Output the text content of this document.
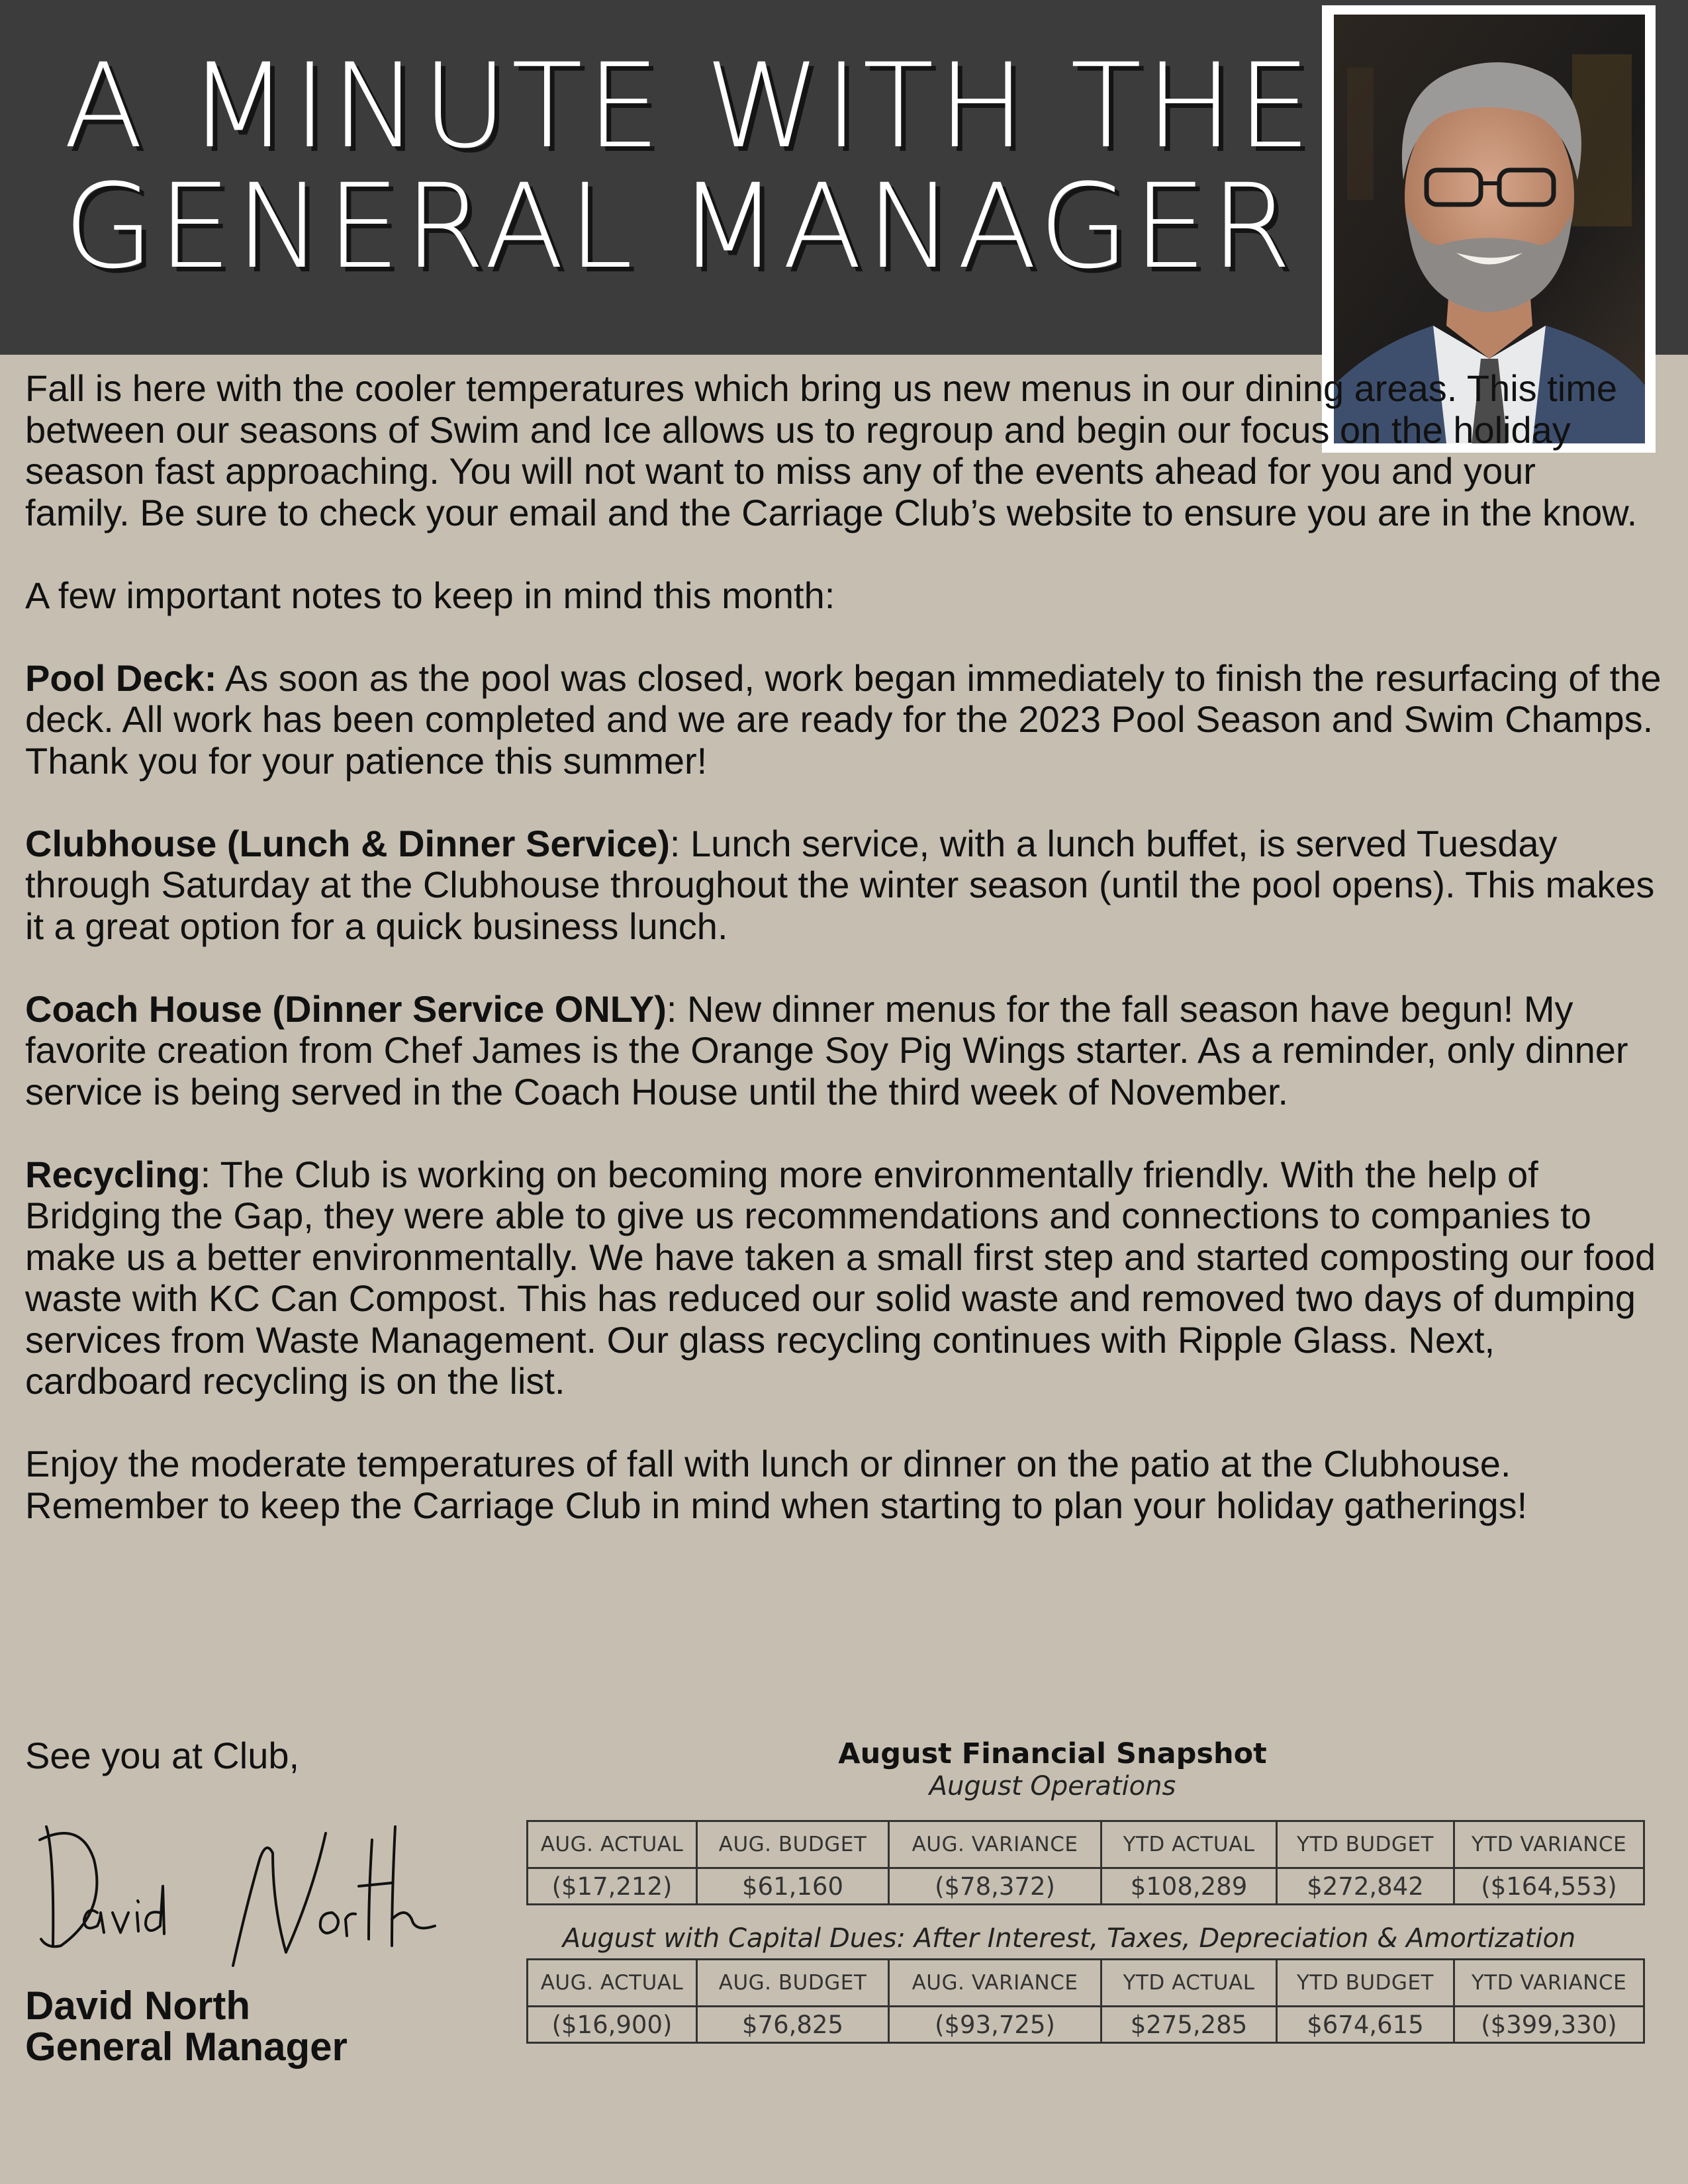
A MINUTE WITH THE
GENERAL MANAGER

Fall is here with the cooler temperatures which bring us new menus in our dining areas. This time between our seasons of Swim and Ice allows us to regroup and begin our focus on the holiday season fast approaching. You will not want to miss any of the events ahead for you and your family. Be sure to check your email and the Carriage Club’s website to ensure you are in the know.

A few important notes to keep in mind this month:

Pool Deck: As soon as the pool was closed, work began immediately to finish the resurfacing of the deck. All work has been completed and we are ready for the 2023 Pool Season and Swim Champs. Thank you for your patience this summer!

Clubhouse (Lunch & Dinner Service): Lunch service, with a lunch buffet, is served Tuesday through Saturday at the Clubhouse throughout the winter season (until the pool opens). This makes it a great option for a quick business lunch.

Coach House (Dinner Service ONLY): New dinner menus for the fall season have begun! My favorite creation from Chef James is the Orange Soy Pig Wings starter. As a reminder, only dinner service is being served in the Coach House until the third week of November.

Recycling: The Club is working on becoming more environmentally friendly. With the help of Bridging the Gap, they were able to give us recommendations and connections to companies to make us a better environmentally. We have taken a small first step and started composting our food waste with KC Can Compost. This has reduced our solid waste and removed two days of dumping services from Waste Management. Our glass recycling continues with Ripple Glass. Next, cardboard recycling is on the list.

Enjoy the moderate temperatures of fall with lunch or dinner on the patio at the Clubhouse. Remember to keep the Carriage Club in mind when starting to plan your holiday gatherings!

See you at Club,
David North
General Manager
August Financial Snapshot
August Operations
AUG. ACTUAL	AUG. BUDGET	AUG. VARIANCE	YTD ACTUAL	YTD BUDGET	YTD VARIANCE
($17,212)	$61,160	($78,372)	$108,289	$272,842	($164,553)
August with Capital Dues: After Interest, Taxes, Depreciation & Amortization
AUG. ACTUAL	AUG. BUDGET	AUG. VARIANCE	YTD ACTUAL	YTD BUDGET	YTD VARIANCE
($16,900)	$76,825	($93,725)	$275,285	$674,615	($399,330)
